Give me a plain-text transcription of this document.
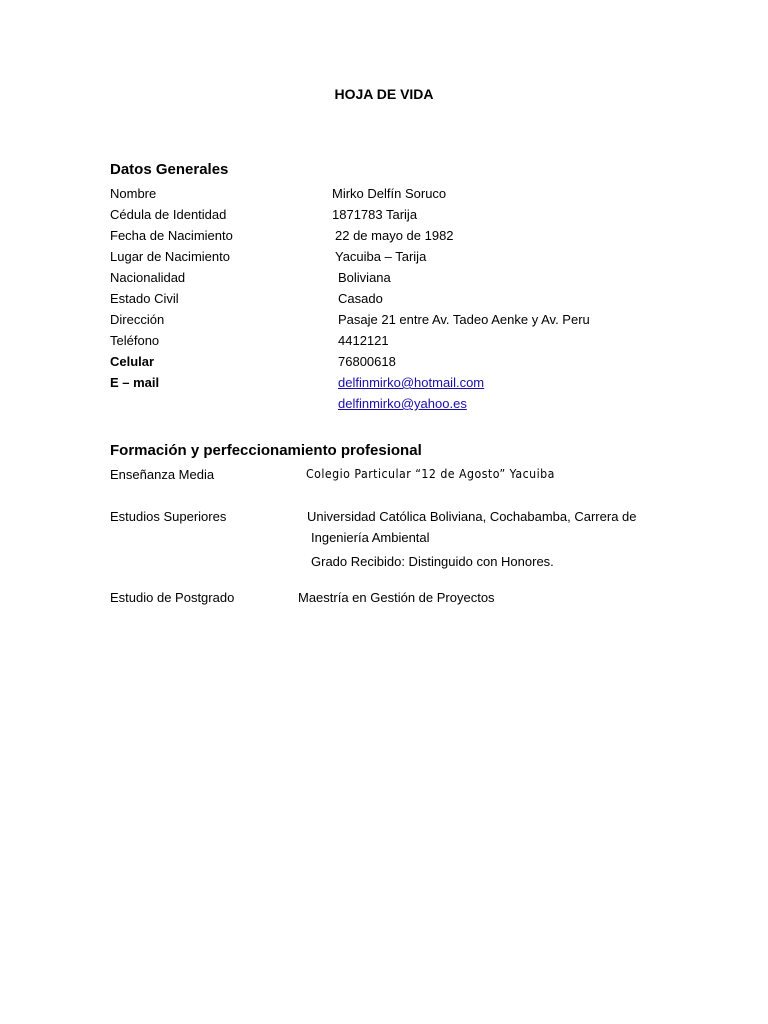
HOJA DE VIDA
Datos Generales
Nombre	Mirko Delfín Soruco
Cédula de Identidad	1871783 Tarija
Fecha de Nacimiento	22 de mayo de 1982
Lugar de Nacimiento	Yacuiba – Tarija
Nacionalidad	Boliviana
Estado Civil	Casado
Dirección	Pasaje 21 entre Av. Tadeo Aenke y Av. Peru
Teléfono	4412121
Celular	76800618
E – mail	delfinmirko@hotmail.com
delfinmirko@yahoo.es
Formación y perfeccionamiento profesional
Enseñanza Media	Colegio Particular “12 de Agosto” Yacuiba
Estudios Superiores	Universidad Católica Boliviana, Cochabamba, Carrera de
Ingeniería Ambiental
Grado Recibido: Distinguido con Honores.
Estudio de Postgrado	Maestría en Gestión de Proyectos
